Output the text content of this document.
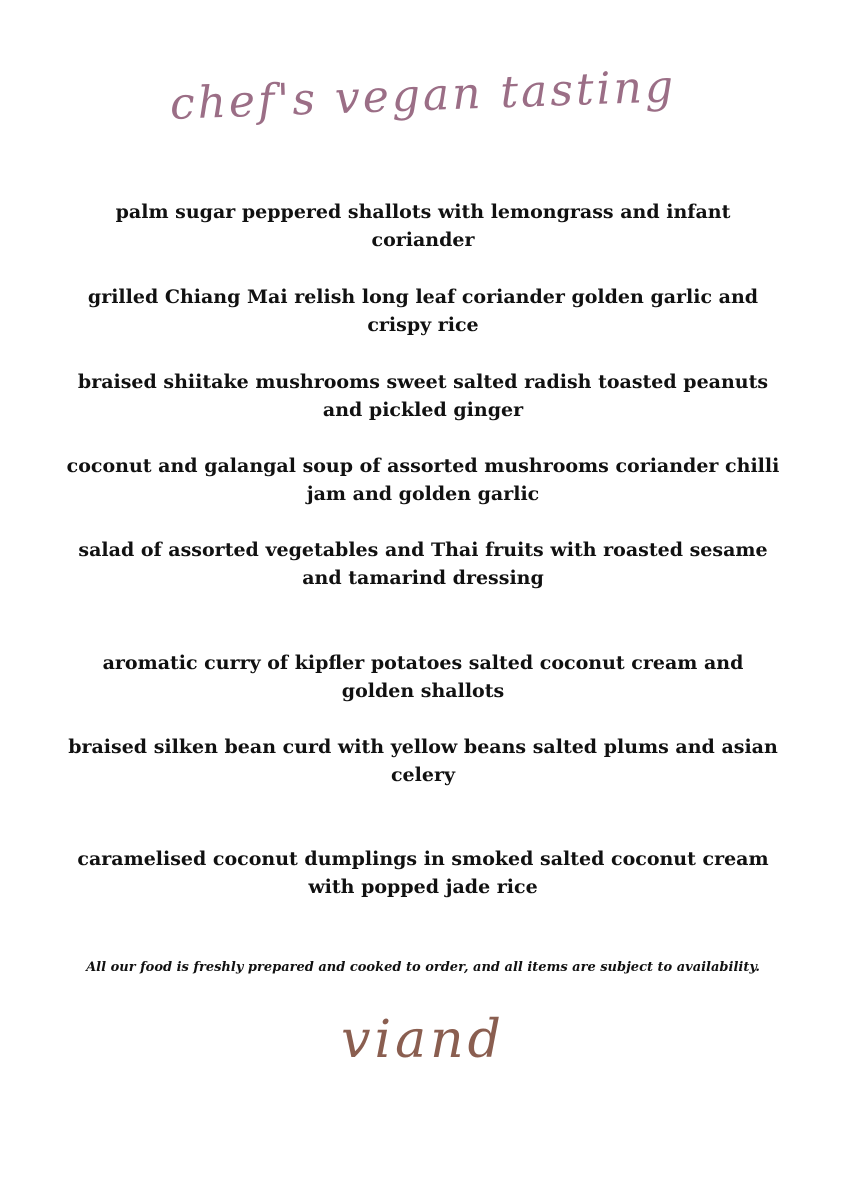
chef's vegan tasting

palm sugar peppered shallots with lemongrass and infant coriander

grilled Chiang Mai relish long leaf coriander golden garlic and crispy rice

braised shiitake mushrooms sweet salted radish toasted peanuts and pickled ginger

coconut and galangal soup of assorted mushrooms coriander chilli jam and golden garlic

salad of assorted vegetables and Thai fruits with roasted sesame and tamarind dressing

aromatic curry of kipfler potatoes salted coconut cream and golden shallots

braised silken bean curd with yellow beans salted plums and asian celery

caramelised coconut dumplings in smoked salted coconut cream with popped jade rice

All our food is freshly prepared and cooked to order, and all items are subject to availability.
viand
